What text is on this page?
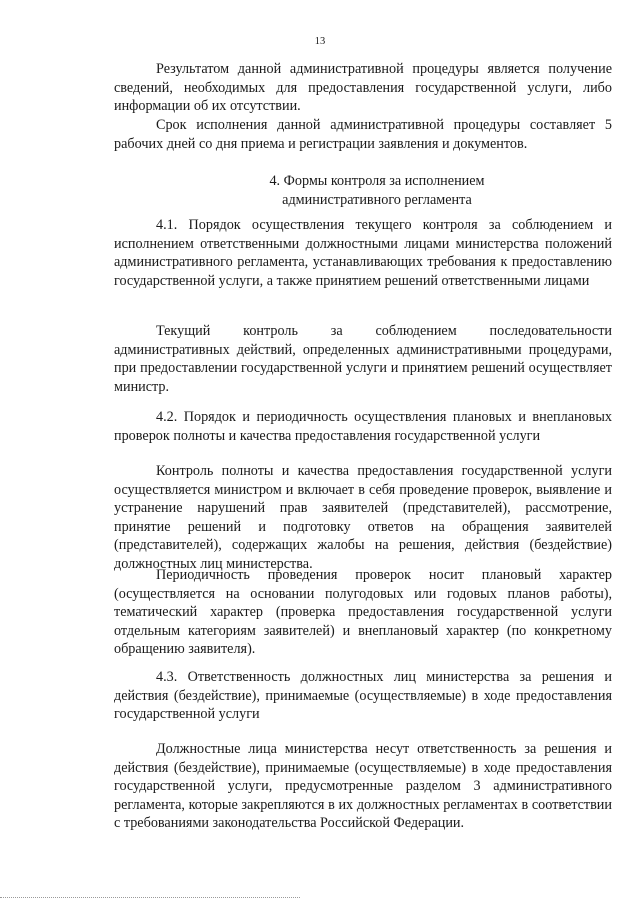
13

Результатом данной административной процедуры является получение сведений, необходимых для предоставления государственной услуги, либо информации об их отсутствии.

Срок исполнения данной административной процедуры составляет 5 рабочих дней со дня приема и регистрации заявления и документов.

4. Формы контроля за исполнением
административного регламента

4.1. Порядок осуществления текущего контроля за соблюдением и исполнением ответственными должностными лицами министерства положений административного регламента, устанавливающих требования к предоставлению государственной услуги, а также принятием решений ответственными лицами

Текущий контроль за соблюдением последовательности административных действий, определенных административными процедурами, при предоставлении государственной услуги и принятием решений осуществляет министр.

4.2. Порядок и периодичность осуществления плановых и внеплановых проверок полноты и качества предоставления государственной услуги

Контроль полноты и качества предоставления государственной услуги осуществляется министром и включает в себя проведение проверок, выявление и устранение нарушений прав заявителей (представителей), рассмотрение, принятие решений и подготовку ответов на обращения заявителей (представителей), содержащих жалобы на решения, действия (бездействие) должностных лиц министерства.

Периодичность проведения проверок носит плановый характер (осуществляется на основании полугодовых или годовых планов работы), тематический характер (проверка предоставления государственной услуги отдельным категориям заявителей) и внеплановый характер (по конкретному обращению заявителя).

4.3. Ответственность должностных лиц министерства за решения и действия (бездействие), принимаемые (осуществляемые) в ходе предоставления государственной услуги

Должностные лица министерства несут ответственность за решения и действия (бездействие), принимаемые (осуществляемые) в ходе предоставления государственной услуги, предусмотренные разделом 3 административного регламента, которые закрепляются в их должностных регламентах в соответствии с требованиями законодательства Российской Федерации.
